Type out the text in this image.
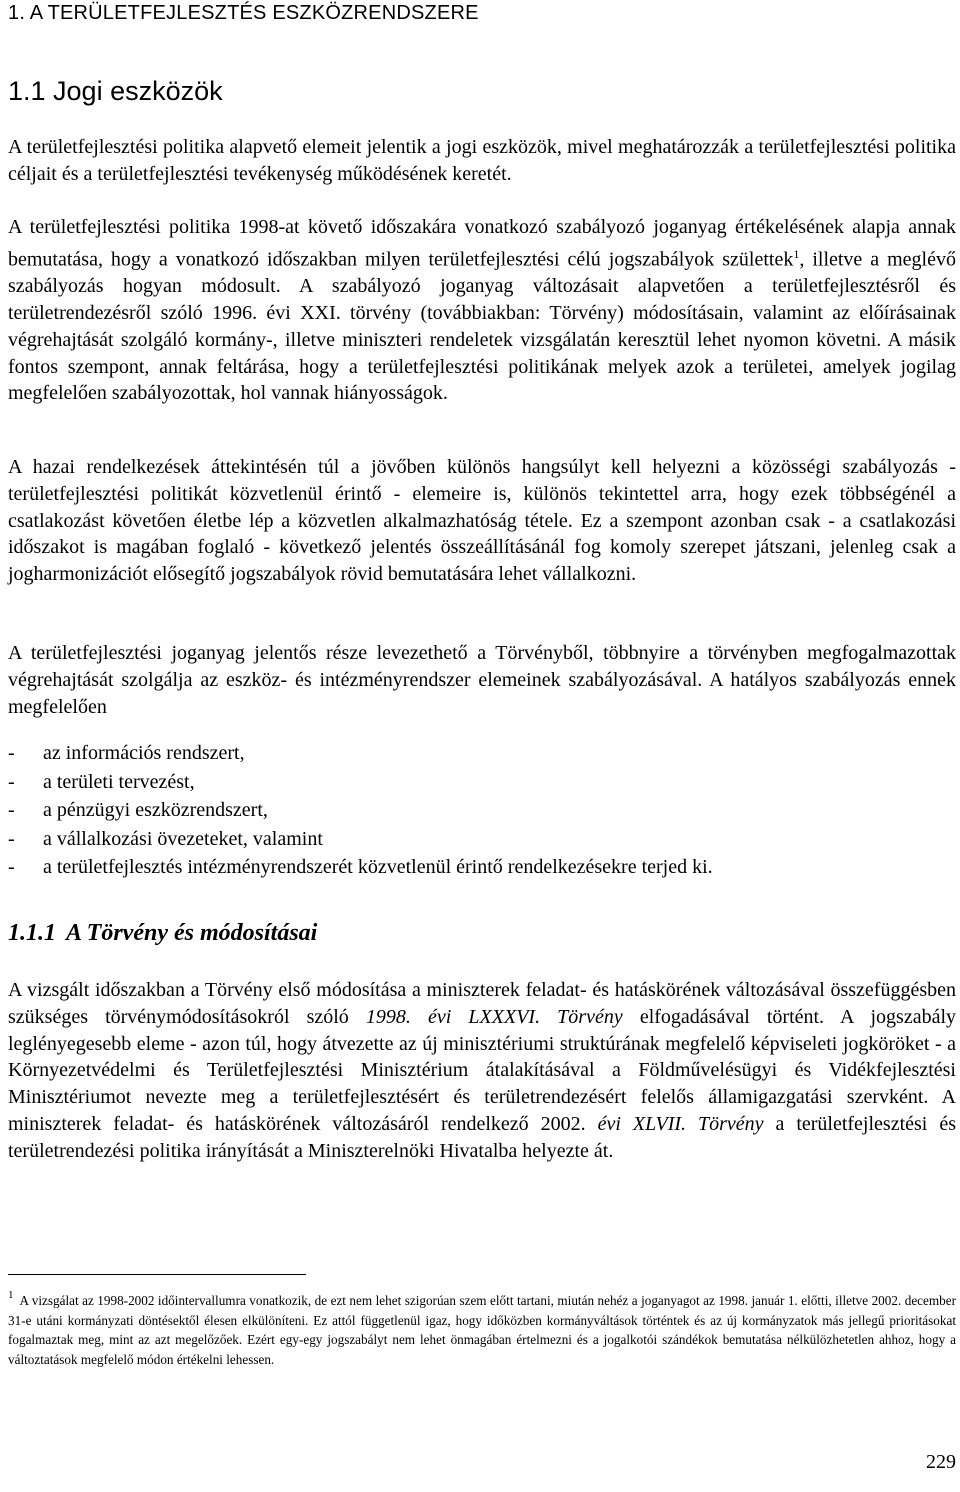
1. A TERÜLETFEJLESZTÉS ESZKÖZRENDSZERE
1.1 Jogi eszközök
A területfejlesztési politika alapvető elemeit jelentik a jogi eszközök, mivel meghatározzák a területfejlesztési politika céljait és a területfejlesztési tevékenység működésének keretét.
A területfejlesztési politika 1998-at követő időszakára vonatkozó szabályozó joganyag értékelésének alapja annak bemutatása, hogy a vonatkozó időszakban milyen területfejlesztési célú jogszabályok születtek$^1$, illetve a meglévő szabályozás hogyan módosult. A szabályozó joganyag változásait alapvetően a területfejlesztésről és területrendezésről szóló 1996. évi XXI. törvény (továbbiakban: Törvény) módosításain, valamint az előírásainak végrehajtását szolgáló kormány-, illetve miniszteri rendeletek vizsgálatán keresztül lehet nyomon követni. A másik fontos szempont, annak feltárása, hogy a területfejlesztési politikának melyek azok a területei, amelyek jogilag megfelelően szabályozottak, hol vannak hiányosságok.
A hazai rendelkezések áttekintésén túl a jövőben különös hangsúlyt kell helyezni a közösségi szabályozás - területfejlesztési politikát közvetlenül érintő - elemeire is, különös tekintettel arra, hogy ezek többségénél a csatlakozást követően életbe lép a közvetlen alkalmazhatóság tétele. Ez a szempont azonban csak - a csatlakozási időszakot is magában foglaló - következő jelentés összeállításánál fog komoly szerepet játszani, jelenleg csak a jogharmonizációt elősegítő jogszabályok rövid bemutatására lehet vállalkozni.
A területfejlesztési joganyag jelentős része levezethető a Törvényből, többnyire a törvényben megfogalmazottak végrehajtását szolgálja az eszköz- és intézményrendszer elemeinek szabályozásával. A hatályos szabályozás ennek megfelelően
-	az információs rendszert,
-	a területi tervezést,
-	a pénzügyi eszközrendszert,
-	a vállalkozási övezeteket, valamint
-	a területfejlesztés intézményrendszerét közvetlenül érintő rendelkezésekre terjed ki.
1.1.1 A Törvény és módosításai
A vizsgált időszakban a Törvény első módosítása a miniszterek feladat- és hatáskörének változásával összefüggésben szükséges törvénymódosításokról szóló 1998. évi LXXXVI. Törvény elfogadásával történt. A jogszabály leglényegesebb eleme - azon túl, hogy átvezette az új minisztériumi struktúrának megfelelő képviseleti jogköröket - a Környezetvédelmi és Területfejlesztési Minisztérium átalakításával a Földművelésügyi és Vidékfejlesztési Minisztériumot nevezte meg a területfejlesztésért és területrendezésért felelős államigazgatási szervként. A miniszterek feladat- és hatáskörének változásáról rendelkező 2002. évi XLVII. Törvény a területfejlesztési és területrendezési politika irányítását a Miniszterelnöki Hivatalba helyezte át.
$^1$ A vizsgálat az 1998-2002 időintervallumra vonatkozik, de ezt nem lehet szigorúan szem előtt tartani, miután nehéz a joganyagot az 1998. január 1. előtti, illetve 2002. december 31-e utáni kormányzati döntésektől élesen elkülöníteni. Ez attól függetlenül igaz, hogy időközben kormányváltások történtek és az új kormányzatok más jellegű prioritásokat fogalmaztak meg, mint az azt megelőzőek. Ezért egy-egy jogszabályt nem lehet önmagában értelmezni és a jogalkotói szándékok bemutatása nélkülözhetetlen ahhoz, hogy a változtatások megfelelő módon értékelni lehessen.
229
